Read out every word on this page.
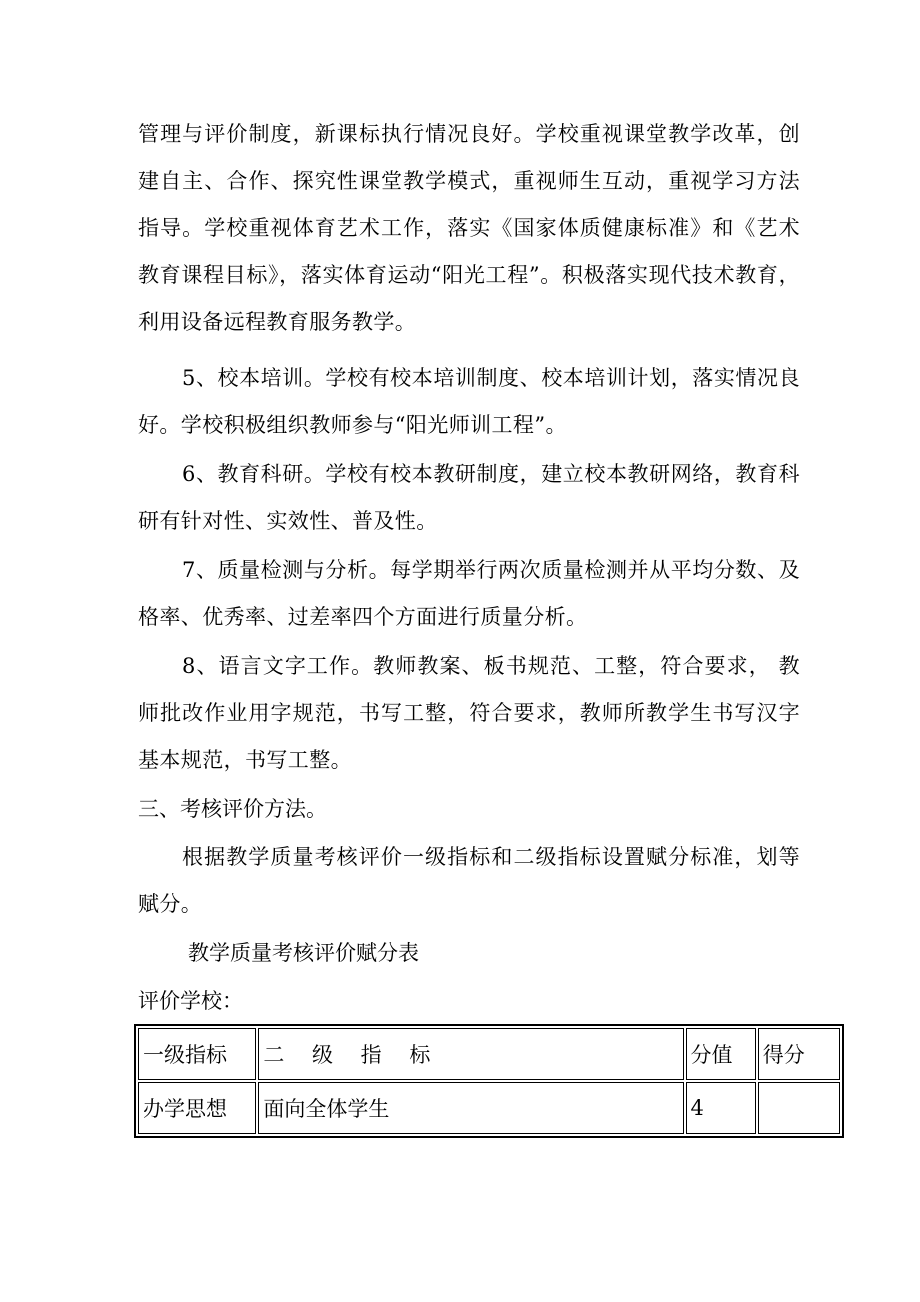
管理与评价制度，新课标执行情况良好。学校重视课堂教学改革，创建自主、合作、探究性课堂教学模式，重视师生互动，重视学习方法指导。学校重视体育艺术工作，落实《国家体质健康标准》和《艺术教育课程目标》，落实体育运动“阳光工程”。积极落实现代技术教育，利用设备远程教育服务教学。

5、校本培训。学校有校本培训制度、校本培训计划，落实情况良好。学校积极组织教师参与“阳光师训工程”。

6、教育科研。学校有校本教研制度，建立校本教研网络，教育科研有针对性、实效性、普及性。

7、质量检测与分析。每学期举行两次质量检测并从平均分数、及格率、优秀率、过差率四个方面进行质量分析。

8、语言文字工作。教师教案、板书规范、工整，符合要求， 教师批改作业用字规范，书写工整，符合要求，教师所教学生书写汉字基本规范，书写工整。

三、考核评价方法。

根据教学质量考核评价一级指标和二级指标设置赋分标准，划等赋分。

教学质量考核评价赋分表

评价学校：

一级指标	二　 级　 指　 标	分值	得分
办学思想	面向全体学生	4	
